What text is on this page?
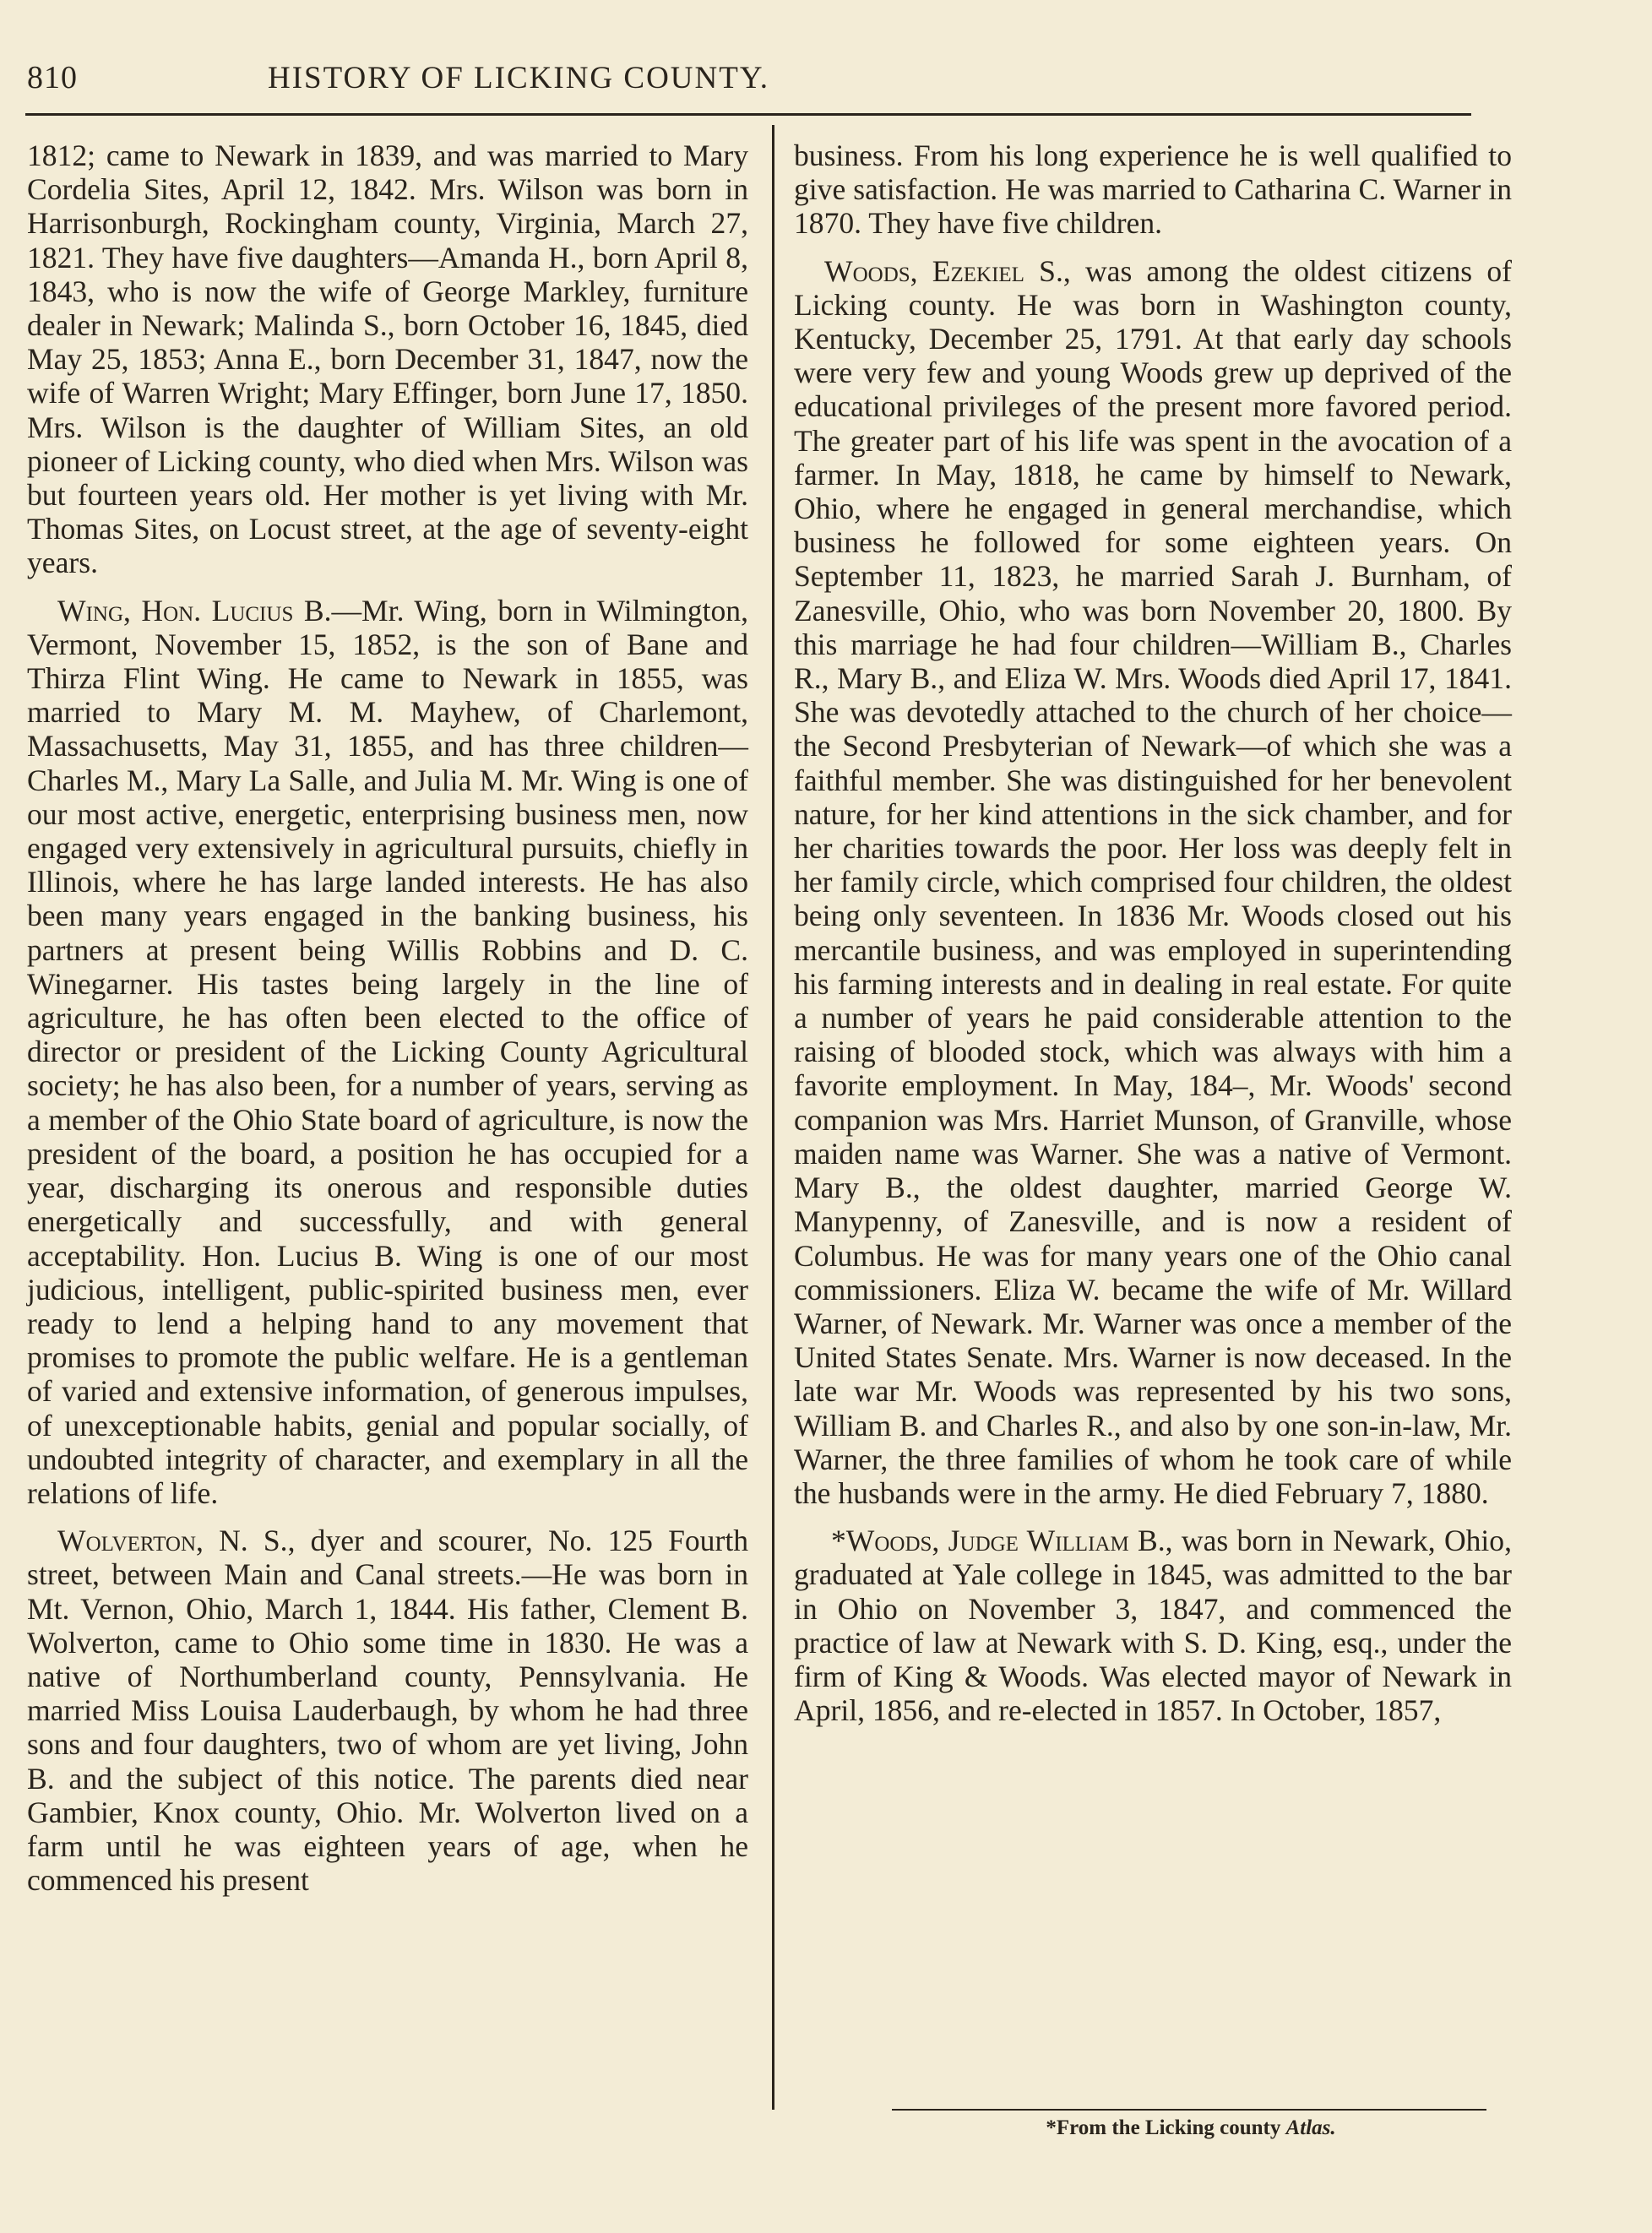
810	HISTORY OF LICKING COUNTY.

1812; came to Newark in 1839, and was married to Mary Cordelia Sites, April 12, 1842. Mrs. Wilson was born in Harrisonburgh, Rockingham county, Virginia, March 27, 1821. They have five daughters—Amanda H., born April 8, 1843, who is now the wife of George Markley, furniture dealer in Newark; Malinda S., born October 16, 1845, died May 25, 1853; Anna E., born December 31, 1847, now the wife of Warren Wright; Mary Effinger, born June 17, 1850. Mrs. Wilson is the daughter of William Sites, an old pioneer of Licking county, who died when Mrs. Wilson was but fourteen years old. Her mother is yet living with Mr. Thomas Sites, on Locust street, at the age of seventy-eight years.

Wing, Hon. Lucius B.—Mr. Wing, born in Wilmington, Vermont, November 15, 1852, is the son of Bane and Thirza Flint Wing. He came to Newark in 1855, was married to Mary M. M. Mayhew, of Charlemont, Massachusetts, May 31, 1855, and has three children—Charles M., Mary La Salle, and Julia M. Mr. Wing is one of our most active, energetic, enterprising business men, now engaged very extensively in agricultural pursuits, chiefly in Illinois, where he has large landed interests. He has also been many years engaged in the banking business, his partners at present being Willis Robbins and D. C. Winegarner. His tastes being largely in the line of agriculture, he has often been elected to the office of director or president of the Licking County Agricultural society; he has also been, for a number of years, serving as a member of the Ohio State board of agriculture, is now the president of the board, a position he has occupied for a year, discharging its onerous and responsible duties energetically and successfully, and with general acceptability. Hon. Lucius B. Wing is one of our most judicious, intelligent, public-spirited business men, ever ready to lend a helping hand to any movement that promises to promote the public welfare. He is a gentleman of varied and extensive information, of generous impulses, of unexceptionable habits, genial and popular socially, of undoubted integrity of character, and exemplary in all the relations of life.

Wolverton, N. S., dyer and scourer, No. 125 Fourth street, between Main and Canal streets.—He was born in Mt. Vernon, Ohio, March 1, 1844. His father, Clement B. Wolverton, came to Ohio some time in 1830. He was a native of Northumberland county, Pennsylvania. He married Miss Louisa Lauderbaugh, by whom he had three sons and four daughters, two of whom are yet living, John B. and the subject of this notice. The parents died near Gambier, Knox county, Ohio. Mr. Wolverton lived on a farm until he was eighteen years of age, when he commenced his present

business. From his long experience he is well qualified to give satisfaction. He was married to Catharina C. Warner in 1870. They have five children.

Woods, Ezekiel S., was among the oldest citizens of Licking county. He was born in Washington county, Kentucky, December 25, 1791. At that early day schools were very few and young Woods grew up deprived of the educational privileges of the present more favored period. The greater part of his life was spent in the avocation of a farmer. In May, 1818, he came by himself to Newark, Ohio, where he engaged in general merchandise, which business he followed for some eighteen years. On September 11, 1823, he married Sarah J. Burnham, of Zanesville, Ohio, who was born November 20, 1800. By this marriage he had four children—William B., Charles R., Mary B., and Eliza W. Mrs. Woods died April 17, 1841. She was devotedly attached to the church of her choice—the Second Presbyterian of Newark—of which she was a faithful member. She was distinguished for her benevolent nature, for her kind attentions in the sick chamber, and for her charities towards the poor. Her loss was deeply felt in her family circle, which comprised four children, the oldest being only seventeen. In 1836 Mr. Woods closed out his mercantile business, and was employed in superintending his farming interests and in dealing in real estate. For quite a number of years he paid considerable attention to the raising of blooded stock, which was always with him a favorite employment. In May, 184–, Mr. Woods' second companion was Mrs. Harriet Munson, of Granville, whose maiden name was Warner. She was a native of Vermont. Mary B., the oldest daughter, married George W. Manypenny, of Zanesville, and is now a resident of Columbus. He was for many years one of the Ohio canal commissioners. Eliza W. became the wife of Mr. Willard Warner, of Newark. Mr. Warner was once a member of the United States Senate. Mrs. Warner is now deceased. In the late war Mr. Woods was represented by his two sons, William B. and Charles R., and also by one son-in-law, Mr. Warner, the three families of whom he took care of while the husbands were in the army. He died February 7, 1880.

*Woods, Judge William B., was born in Newark, Ohio, graduated at Yale college in 1845, was admitted to the bar in Ohio on November 3, 1847, and commenced the practice of law at Newark with S. D. King, esq., under the firm of King & Woods. Was elected mayor of Newark in April, 1856, and re-elected in 1857. In October, 1857,

*From the Licking county Atlas.
